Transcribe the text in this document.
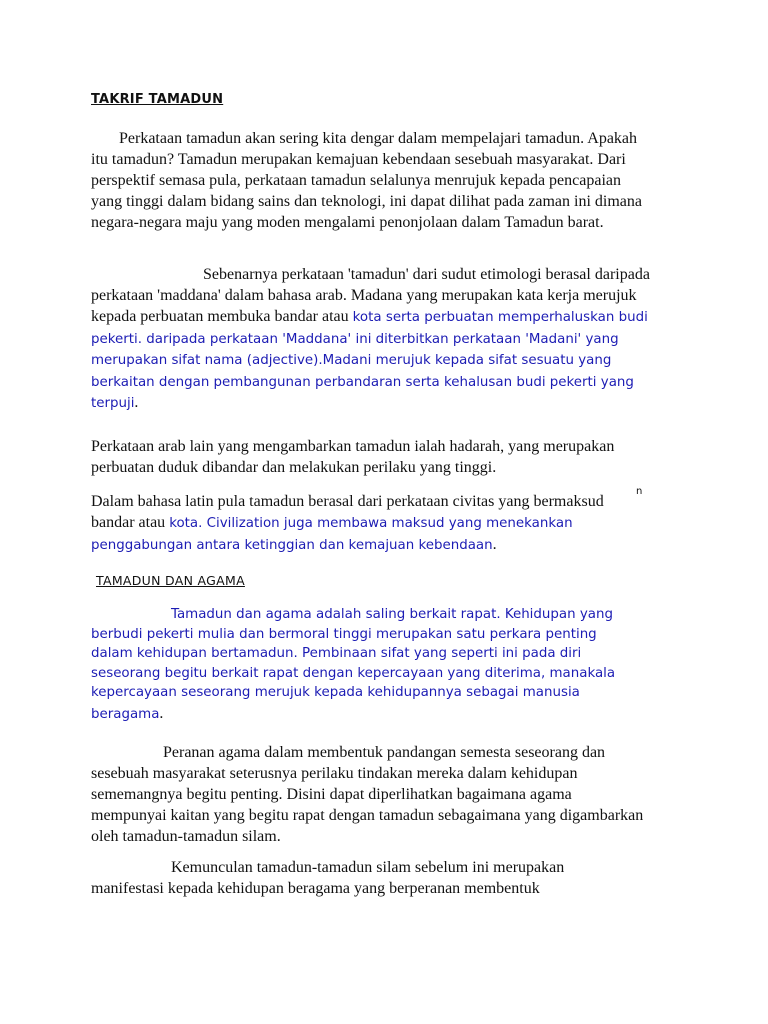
TAKRIF TAMADUN

Perkataan tamadun akan sering kita dengar dalam mempelajari tamadun. Apakah itu tamadun? Tamadun merupakan kemajuan kebendaan sesebuah masyarakat. Dari perspektif semasa pula, perkataan tamadun selalunya menrujuk kepada pencapaian yang tinggi dalam bidang sains dan teknologi, ini dapat dilihat pada zaman ini dimana negara-negara maju yang moden mengalami penonjolaan dalam Tamadun barat.

Sebenarnya perkataan 'tamadun' dari sudut etimologi berasal daripada perkataan 'maddana' dalam bahasa arab. Madana yang merupakan kata kerja merujuk kepada perbuatan membuka bandar atau kota serta perbuatan memperhaluskan budi pekerti. daripada perkataan 'Maddana' ini diterbitkan perkataan 'Madani' yang merupakan sifat nama (adjective).Madani merujuk kepada sifat sesuatu yang berkaitan dengan pembangunan perbandaran serta kehalusan budi pekerti yang terpuji.

Perkataan arab lain yang mengambarkan tamadun ialah hadarah, yang merupakan perbuatan duduk dibandar dan melakukan perilaku yang tinggi.

Dalam bahasa latin pula tamadun berasal dari perkataan civitas yang bermaksud bandar atau kota. Civilization juga membawa maksud yang menekankan penggabungan antara ketinggian dan kemajuan kebendaan.

n
TAMADUN DAN AGAMA

Tamadun dan agama adalah saling berkait rapat. Kehidupan yang berbudi pekerti mulia dan bermoral tinggi merupakan satu perkara penting dalam kehidupan bertamadun. Pembinaan sifat yang seperti ini pada diri seseorang begitu berkait rapat dengan kepercayaan yang diterima, manakala kepercayaan seseorang merujuk kepada kehidupannya sebagai manusia beragama.

Peranan agama dalam membentuk pandangan semesta seseorang dan sesebuah masyarakat seterusnya perilaku tindakan mereka dalam kehidupan sememangnya begitu penting. Disini dapat diperlihatkan bagaimana agama mempunyai kaitan yang begitu rapat dengan tamadun sebagaimana yang digambarkan oleh tamadun-tamadun silam.

Kemunculan tamadun-tamadun silam sebelum ini merupakan manifestasi kepada kehidupan beragama yang berperanan membentuk
